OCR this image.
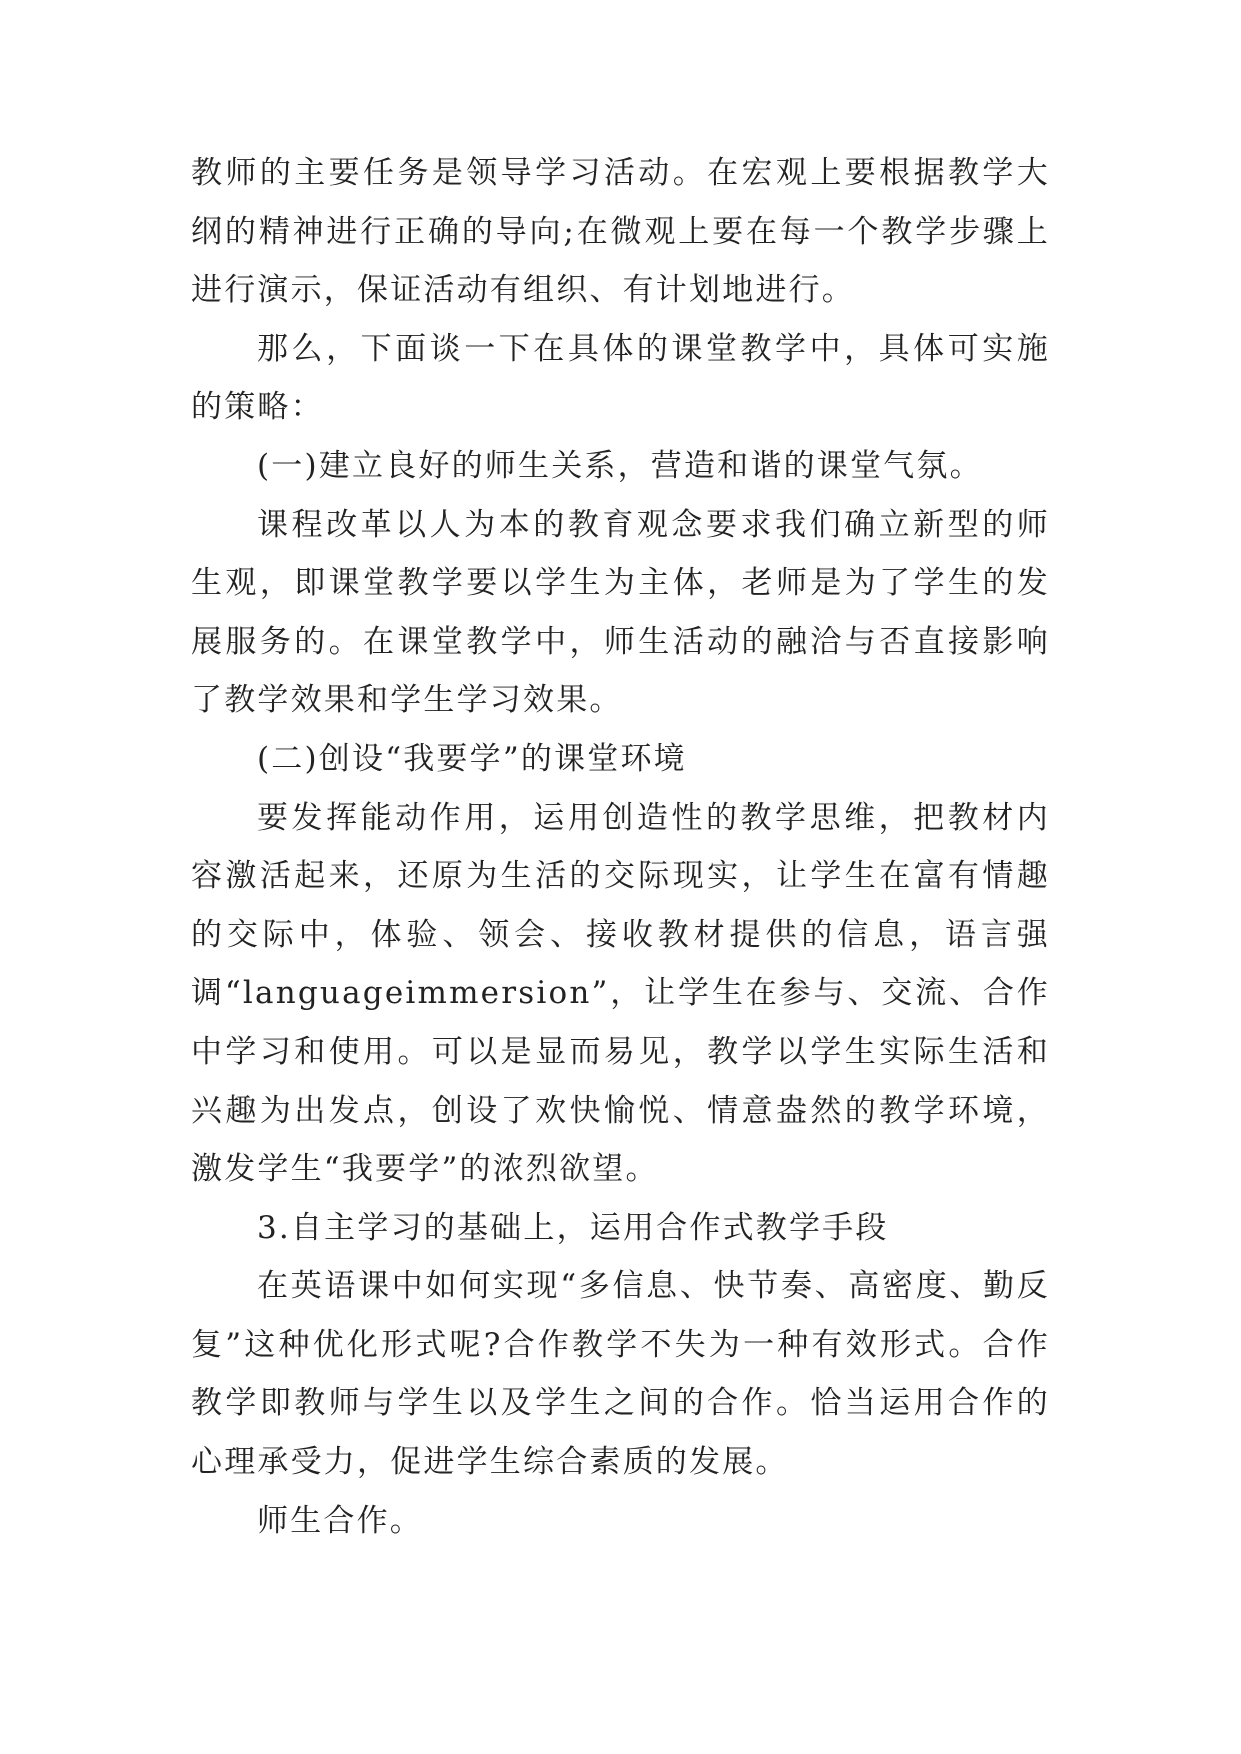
教师的主要任务是领导学习活动。在宏观上要根据教学大纲的精神进行正确的导向;在微观上要在每一个教学步骤上进行演示，保证活动有组织、有计划地进行。

那么，下面谈一下在具体的课堂教学中，具体可实施的策略：

(一)建立良好的师生关系，营造和谐的课堂气氛。

课程改革以人为本的教育观念要求我们确立新型的师生观，即课堂教学要以学生为主体，老师是为了学生的发展服务的。在课堂教学中，师生活动的融洽与否直接影响了教学效果和学生学习效果。

(二)创设“我要学”的课堂环境

要发挥能动作用，运用创造性的教学思维，把教材内容激活起来，还原为生活的交际现实，让学生在富有情趣的交际中，体验、领会、接收教材提供的信息，语言强调“languageimmersion”，让学生在参与、交流、合作中学习和使用。可以是显而易见，教学以学生实际生活和兴趣为出发点，创设了欢快愉悦、情意盎然的教学环境，激发学生“我要学”的浓烈欲望。

3.自主学习的基础上，运用合作式教学手段

在英语课中如何实现“多信息、快节奏、高密度、勤反复”这种优化形式呢?合作教学不失为一种有效形式。合作教学即教师与学生以及学生之间的合作。恰当运用合作的心理承受力，促进学生综合素质的发展。

师生合作。
